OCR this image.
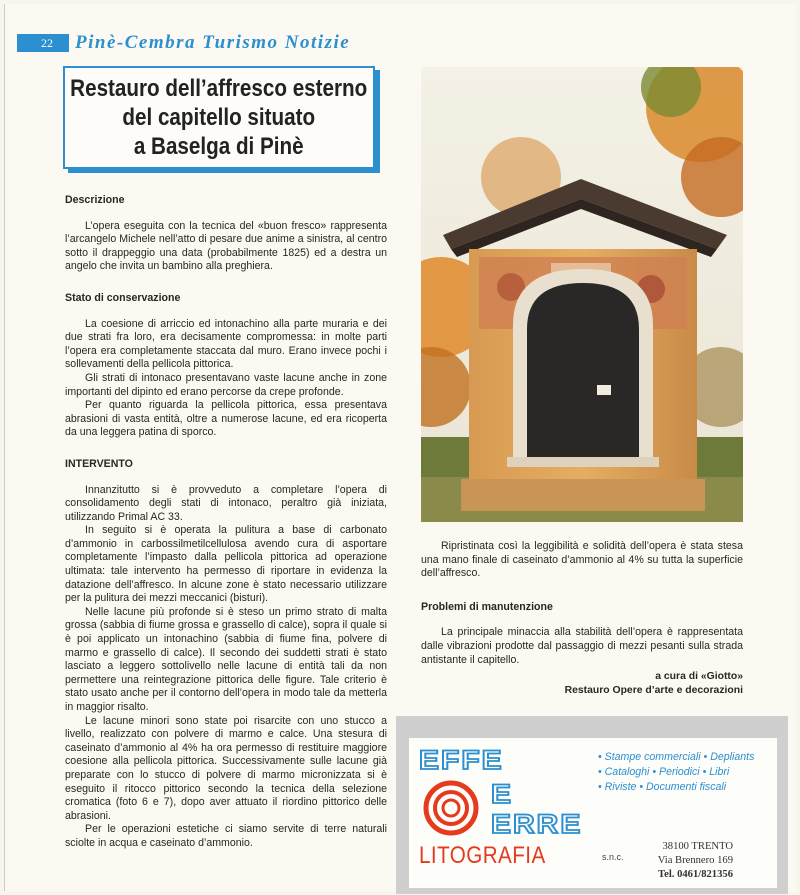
22	Pinè-Cembra Turismo Notizie
Restauro dell’affresco esterno
del capitello situato
a Baselga di Pinè
Descrizione

L’opera eseguita con la tecnica del «buon fresco» rappresenta l’arcangelo Michele nell’atto di pesare due anime a sinistra, al centro sotto il drappeggio una data (probabilmente 1825) ed a destra un angelo che invita un bambino alla preghiera.

Stato di conservazione

La coesione di arriccio ed intonachino alla parte muraria e dei due strati fra loro, era decisamente compromessa: in molte parti l’opera era completamente staccata dal muro. Erano invece pochi i sollevamenti della pellicola pittorica.

Gli strati di intonaco presentavano vaste lacune anche in zone importanti del dipinto ed erano percorse da crepe profonde.

Per quanto riguarda la pellicola pittorica, essa presentava abrasioni di vasta entità, oltre a numerose lacune, ed era ricoperta da una leggera patina di sporco.

INTERVENTO

Innanzitutto si è provveduto a completare l’opera di consolidamento degli stati di intonaco, peraltro già iniziata, utilizzando Primal AC 33.

In seguito si è operata la pulitura a base di carbonato d’ammonio in carbossilmetilcellulosa avendo cura di asportare completamente l’impasto dalla pellicola pittorica ad operazione ultimata: tale intervento ha permesso di riportare in evidenza la datazione dell’affresco. In alcune zone è stato necessario utilizzare per la pulitura dei mezzi meccanici (bisturi).

Nelle lacune più profonde si è steso un primo strato di malta grossa (sabbia di fiume grossa e grassello di calce), sopra il quale si è poi applicato un intonachino (sabbia di fiume fina, polvere di marmo e grassello di calce). Il secondo dei suddetti strati è stato lasciato a leggero sottolivello nelle lacune di entità tali da non permettere una reintegrazione pittorica delle figure. Tale criterio è stato usato anche per il contorno dell’opera in modo tale da metterla in maggior risalto.

Le lacune minori sono state poi risarcite con uno stucco a livello, realizzato con polvere di marmo e calce. Una stesura di caseinato d’ammonio al 4% ha ora permesso di restituire maggiore coesione alla pellicola pittorica. Successivamente sulle lacune già preparate con lo stucco di polvere di marmo micronizzata si è eseguito il ritocco pittorico secondo la tecnica della selezione cromatica (foto 6 e 7), dopo aver attuato il riordino pittorico delle abrasioni.

Per le operazioni estetiche ci siamo servite di terre naturali sciolte in acqua e caseinato d’ammonio.

Ripristinata così la leggibilità e solidità dell’opera è stata stesa una mano finale di caseinato d’ammonio al 4% su tutta la superficie dell’affresco.

Problemi di manutenzione

La principale minaccia alla stabilità dell’opera è rappresentata dalle vibrazioni prodotte dal passaggio di mezzi pesanti sulla strada antistante il capitello.

a cura di «Giotto»
Restauro Opere d’arte e decorazioni
EFFE
E
ERRE
LITOGRAFIA	s.n.c.
• Stampe commerciali • Depliants
• Cataloghi • Periodici • Libri
• Riviste • Documenti fiscali
38100 TRENTO
Via Brennero 169
Tel. 0461/821356
